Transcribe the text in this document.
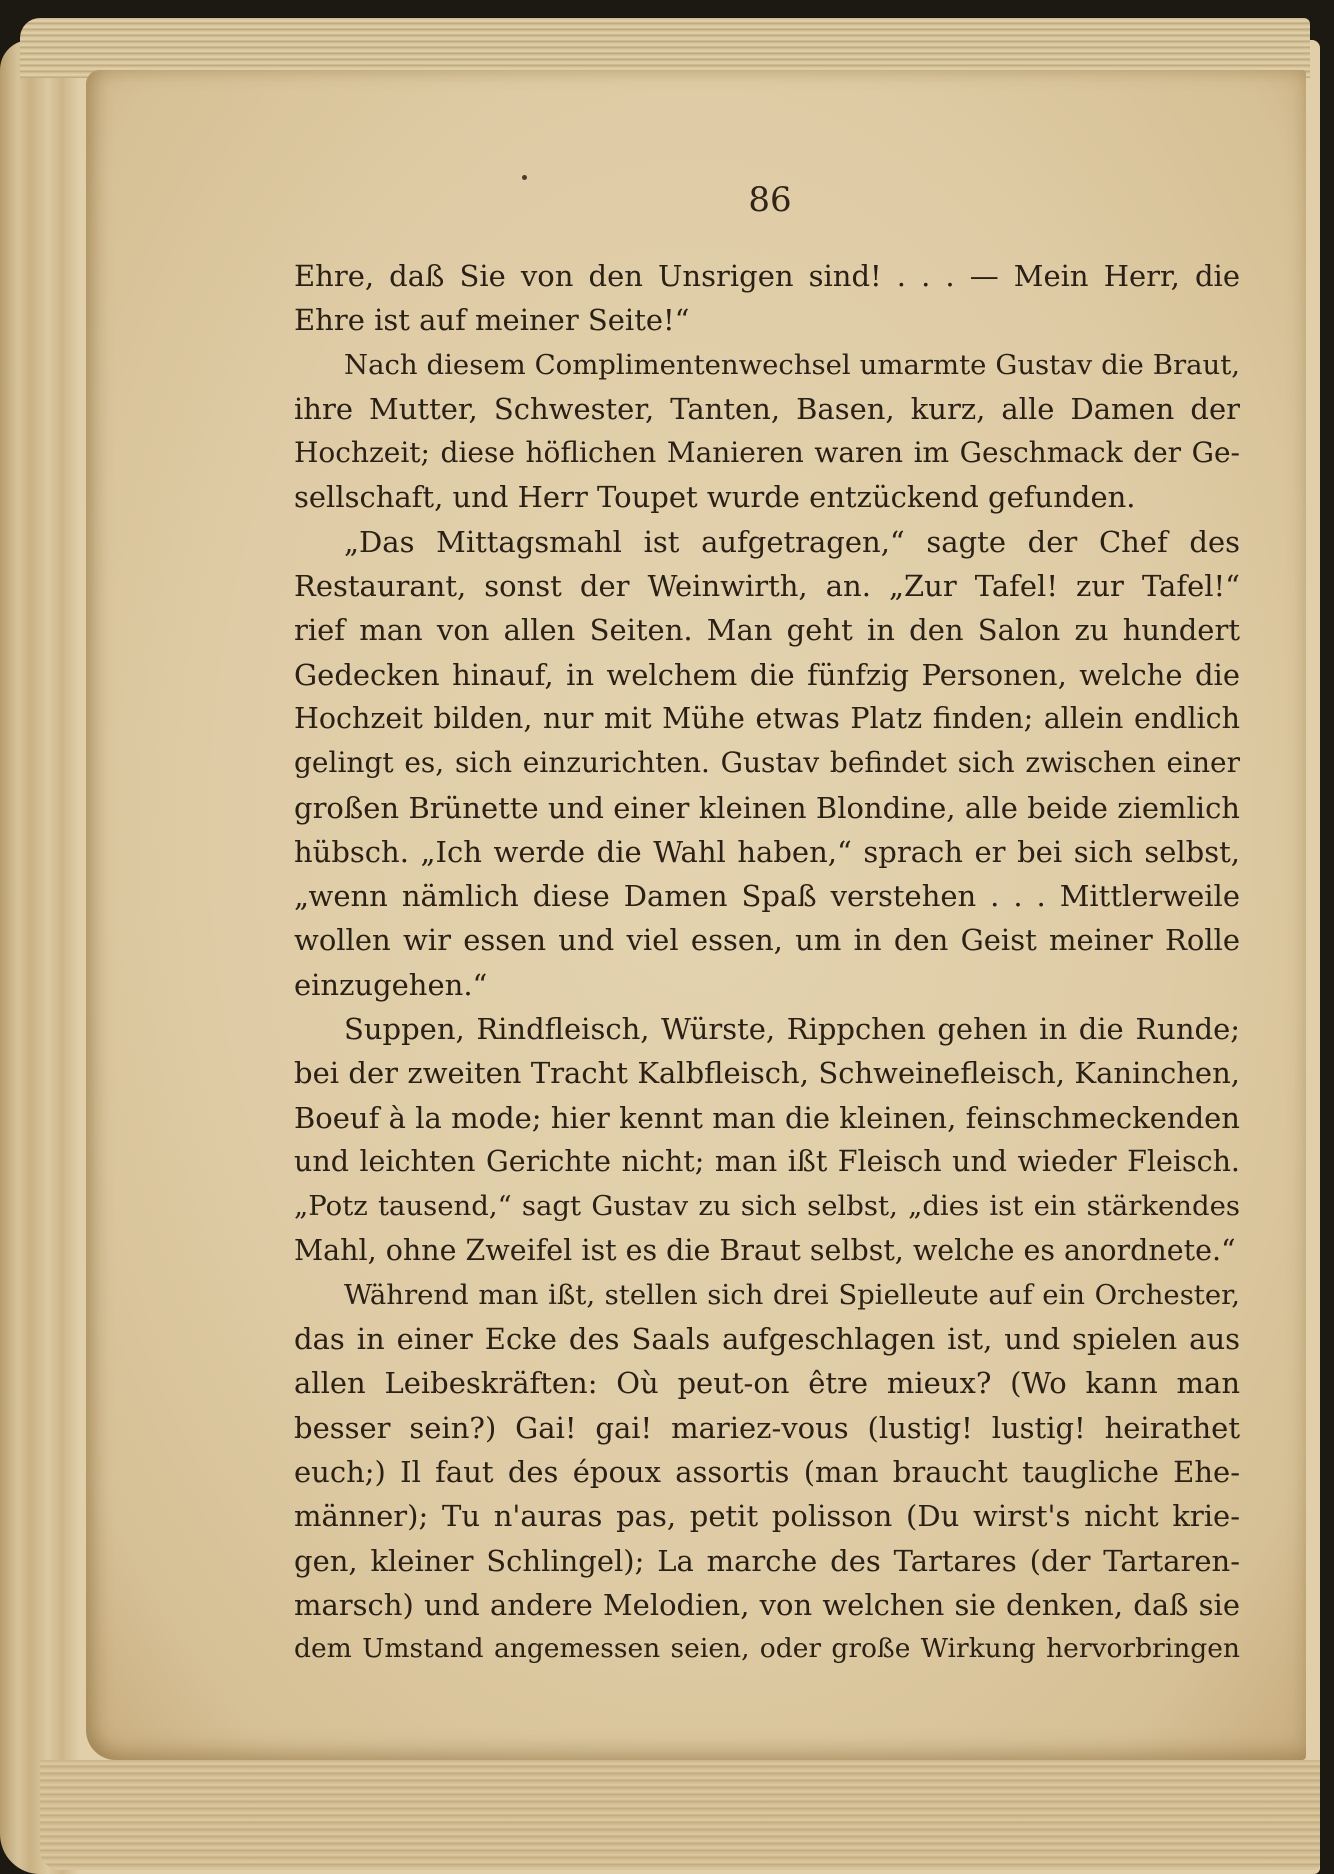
86
Ehre, daß Sie von den Unsrigen sind! . . . — Mein Herr, die
Ehre ist auf meiner Seite!“
Nach diesem Complimentenwechsel umarmte Gustav die Braut,
ihre Mutter, Schwester, Tanten, Basen, kurz, alle Damen der
Hochzeit; diese höflichen Manieren waren im Geschmack der Ge-
sellschaft, und Herr Toupet wurde entzückend gefunden.
„Das Mittagsmahl ist aufgetragen,“ sagte der Chef des
Restaurant, sonst der Weinwirth, an. „Zur Tafel! zur Tafel!“
rief man von allen Seiten. Man geht in den Salon zu hundert
Gedecken hinauf, in welchem die fünfzig Personen, welche die
Hochzeit bilden, nur mit Mühe etwas Platz finden; allein endlich
gelingt es, sich einzurichten. Gustav befindet sich zwischen einer
großen Brünette und einer kleinen Blondine, alle beide ziemlich
hübsch. „Ich werde die Wahl haben,“ sprach er bei sich selbst,
„wenn nämlich diese Damen Spaß verstehen . . . Mittlerweile
wollen wir essen und viel essen, um in den Geist meiner Rolle
einzugehen.“
Suppen, Rindfleisch, Würste, Rippchen gehen in die Runde;
bei der zweiten Tracht Kalbfleisch, Schweinefleisch, Kaninchen,
Boeuf à la mode; hier kennt man die kleinen, feinschmeckenden
und leichten Gerichte nicht; man ißt Fleisch und wieder Fleisch.
„Potz tausend,“ sagt Gustav zu sich selbst, „dies ist ein stärkendes
Mahl, ohne Zweifel ist es die Braut selbst, welche es anordnete.“
Während man ißt, stellen sich drei Spielleute auf ein Orchester,
das in einer Ecke des Saals aufgeschlagen ist, und spielen aus
allen Leibeskräften: Où peut-on être mieux? (Wo kann man
besser sein?) Gai! gai! mariez-vous (lustig! lustig! heirathet
euch;) Il faut des époux assortis (man braucht taugliche Ehe-
männer); Tu n'auras pas, petit polisson (Du wirst's nicht krie-
gen, kleiner Schlingel); La marche des Tartares (der Tartaren-
marsch) und andere Melodien, von welchen sie denken, daß sie
dem Umstand angemessen seien, oder große Wirkung hervorbringen
